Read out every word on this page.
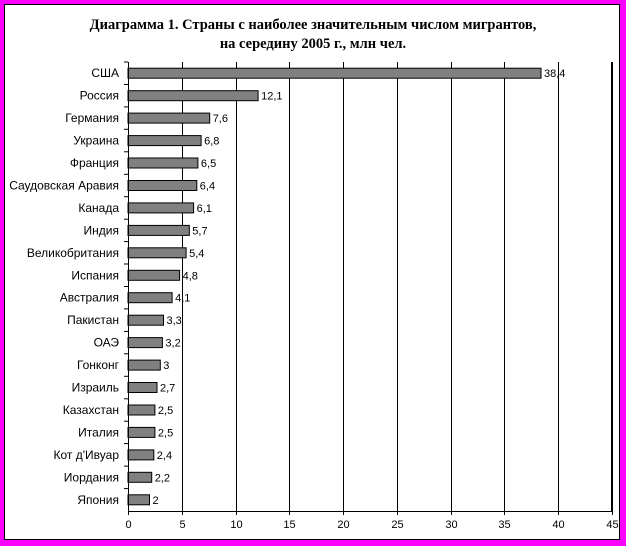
Диаграмма 1. Страны с наиболее значительным числом мигрантов,
на середину 2005 г., млн чел.
38,4
США
12,1
Россия
7,6
Германия
6,8
Украина
6,5
Франция
6,4
Саудовская Аравия
6,1
Канада
5,7
Индия
5,4
Великобритания
4,8
Испания
4,1
Австралия
3,3
Пакистан
3,2
ОАЭ
3
Гонконг
2,7
Израиль
2,5
Казахстан
2,5
Италия
2,4
Кот д'Ивуар
2,2
Иордания
2
Япония
0	5	10	15	20	25	30	35	40	45
